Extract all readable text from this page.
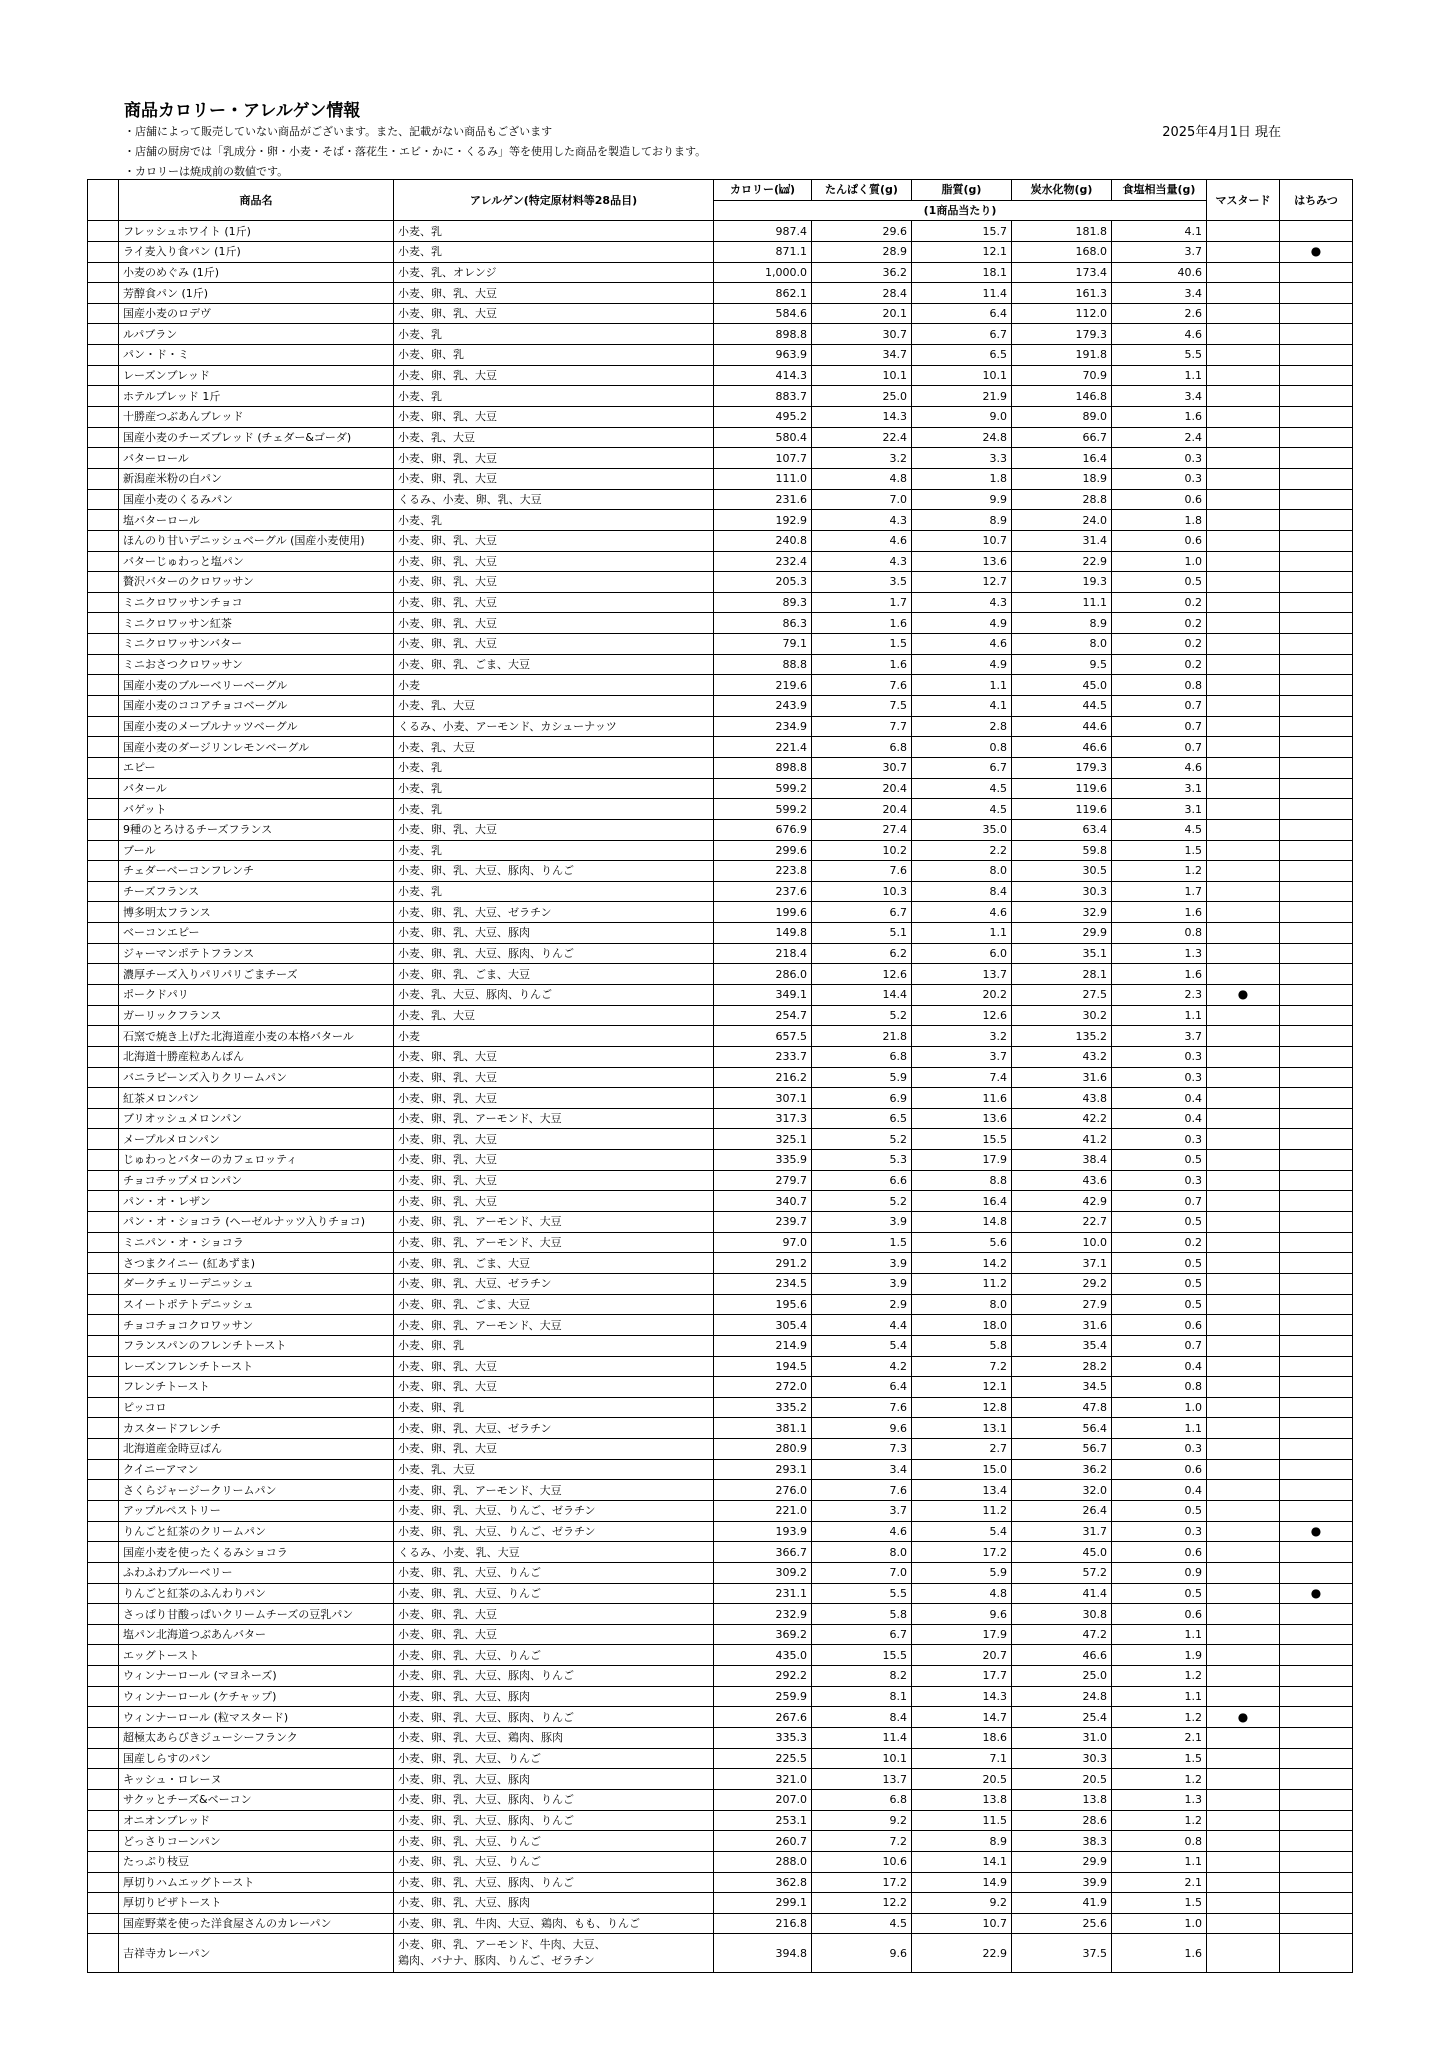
商品カロリー・アレルゲン情報
・店舗によって販売していない商品がございます。また、記載がない商品もございます
・店舗の厨房では「乳成分・卵・小麦・そば・落花生・エビ・かに・くるみ」等を使用した商品を製造しております。
・カロリーは焼成前の数値です。
2025年4月1日 現在
	商品名	アレルゲン(特定原材料等28品目)	カロリー(㎉)	たんぱく質(g)	脂質(g)	炭水化物(g)	食塩相当量(g)	マスタード	はちみつ
			(1商品当たり)						
	フレッシュホワイト (1斤)	小麦、乳	987.4	29.6	15.7	181.8	4.1		
	ライ麦入り食パン (1斤)	小麦、乳	871.1	28.9	12.1	168.0	3.7		●
	小麦のめぐみ (1斤)	小麦、乳、オレンジ	1,000.0	36.2	18.1	173.4	40.6		
	芳醇食パン (1斤)	小麦、卵、乳、大豆	862.1	28.4	11.4	161.3	3.4		
	国産小麦のロデヴ	小麦、卵、乳、大豆	584.6	20.1	6.4	112.0	2.6		
	ルパブラン	小麦、乳	898.8	30.7	6.7	179.3	4.6		
	パン・ド・ミ	小麦、卵、乳	963.9	34.7	6.5	191.8	5.5		
	レーズンブレッド	小麦、卵、乳、大豆	414.3	10.1	10.1	70.9	1.1		
	ホテルブレッド 1斤	小麦、乳	883.7	25.0	21.9	146.8	3.4		
	十勝産つぶあんブレッド	小麦、卵、乳、大豆	495.2	14.3	9.0	89.0	1.6		
	国産小麦のチーズブレッド (チェダー&ゴーダ)	小麦、乳、大豆	580.4	22.4	24.8	66.7	2.4		
	バターロール	小麦、卵、乳、大豆	107.7	3.2	3.3	16.4	0.3		
	新潟産米粉の白パン	小麦、卵、乳、大豆	111.0	4.8	1.8	18.9	0.3		
	国産小麦のくるみパン	くるみ、小麦、卵、乳、大豆	231.6	7.0	9.9	28.8	0.6		
	塩バターロール	小麦、乳	192.9	4.3	8.9	24.0	1.8		
	ほんのり甘いデニッシュベーグル (国産小麦使用)	小麦、卵、乳、大豆	240.8	4.6	10.7	31.4	0.6		
	バターじゅわっと塩パン	小麦、卵、乳、大豆	232.4	4.3	13.6	22.9	1.0		
	贅沢バターのクロワッサン	小麦、卵、乳、大豆	205.3	3.5	12.7	19.3	0.5		
	ミニクロワッサンチョコ	小麦、卵、乳、大豆	89.3	1.7	4.3	11.1	0.2		
	ミニクロワッサン紅茶	小麦、卵、乳、大豆	86.3	1.6	4.9	8.9	0.2		
	ミニクロワッサンバター	小麦、卵、乳、大豆	79.1	1.5	4.6	8.0	0.2		
	ミニおさつクロワッサン	小麦、卵、乳、ごま、大豆	88.8	1.6	4.9	9.5	0.2		
	国産小麦のブルーベリーベーグル	小麦	219.6	7.6	1.1	45.0	0.8		
	国産小麦のココアチョコベーグル	小麦、乳、大豆	243.9	7.5	4.1	44.5	0.7		
	国産小麦のメープルナッツベーグル	くるみ、小麦、アーモンド、カシューナッツ	234.9	7.7	2.8	44.6	0.7		
	国産小麦のダージリンレモンベーグル	小麦、乳、大豆	221.4	6.8	0.8	46.6	0.7		
	エピー	小麦、乳	898.8	30.7	6.7	179.3	4.6		
	バタール	小麦、乳	599.2	20.4	4.5	119.6	3.1		
	バゲット	小麦、乳	599.2	20.4	4.5	119.6	3.1		
	9種のとろけるチーズフランス	小麦、卵、乳、大豆	676.9	27.4	35.0	63.4	4.5		
	ブール	小麦、乳	299.6	10.2	2.2	59.8	1.5		
	チェダーベーコンフレンチ	小麦、卵、乳、大豆、豚肉、りんご	223.8	7.6	8.0	30.5	1.2		
	チーズフランス	小麦、乳	237.6	10.3	8.4	30.3	1.7		
	博多明太フランス	小麦、卵、乳、大豆、ゼラチン	199.6	6.7	4.6	32.9	1.6		
	ベーコンエピー	小麦、卵、乳、大豆、豚肉	149.8	5.1	1.1	29.9	0.8		
	ジャーマンポテトフランス	小麦、卵、乳、大豆、豚肉、りんご	218.4	6.2	6.0	35.1	1.3		
	濃厚チーズ入りパリパリごまチーズ	小麦、卵、乳、ごま、大豆	286.0	12.6	13.7	28.1	1.6		
	ポークドパリ	小麦、乳、大豆、豚肉、りんご	349.1	14.4	20.2	27.5	2.3	●	
	ガーリックフランス	小麦、乳、大豆	254.7	5.2	12.6	30.2	1.1		
	石窯で焼き上げた北海道産小麦の本格バタール	小麦	657.5	21.8	3.2	135.2	3.7		
	北海道十勝産粒あんぱん	小麦、卵、乳、大豆	233.7	6.8	3.7	43.2	0.3		
	バニラビーンズ入りクリームパン	小麦、卵、乳、大豆	216.2	5.9	7.4	31.6	0.3		
	紅茶メロンパン	小麦、卵、乳、大豆	307.1	6.9	11.6	43.8	0.4		
	ブリオッシュメロンパン	小麦、卵、乳、アーモンド、大豆	317.3	6.5	13.6	42.2	0.4		
	メープルメロンパン	小麦、卵、乳、大豆	325.1	5.2	15.5	41.2	0.3		
	じゅわっとバターのカフェロッティ	小麦、卵、乳、大豆	335.9	5.3	17.9	38.4	0.5		
	チョコチップメロンパン	小麦、卵、乳、大豆	279.7	6.6	8.8	43.6	0.3		
	パン・オ・レザン	小麦、卵、乳、大豆	340.7	5.2	16.4	42.9	0.7		
	パン・オ・ショコラ (ヘーゼルナッツ入りチョコ)	小麦、卵、乳、アーモンド、大豆	239.7	3.9	14.8	22.7	0.5		
	ミニパン・オ・ショコラ	小麦、卵、乳、アーモンド、大豆	97.0	1.5	5.6	10.0	0.2		
	さつまクイニー (紅あずま)	小麦、卵、乳、ごま、大豆	291.2	3.9	14.2	37.1	0.5		
	ダークチェリーデニッシュ	小麦、卵、乳、大豆、ゼラチン	234.5	3.9	11.2	29.2	0.5		
	スイートポテトデニッシュ	小麦、卵、乳、ごま、大豆	195.6	2.9	8.0	27.9	0.5		
	チョコチョコクロワッサン	小麦、卵、乳、アーモンド、大豆	305.4	4.4	18.0	31.6	0.6		
	フランスパンのフレンチトースト	小麦、卵、乳	214.9	5.4	5.8	35.4	0.7		
	レーズンフレンチトースト	小麦、卵、乳、大豆	194.5	4.2	7.2	28.2	0.4		
	フレンチトースト	小麦、卵、乳、大豆	272.0	6.4	12.1	34.5	0.8		
	ピッコロ	小麦、卵、乳	335.2	7.6	12.8	47.8	1.0		
	カスタードフレンチ	小麦、卵、乳、大豆、ゼラチン	381.1	9.6	13.1	56.4	1.1		
	北海道産金時豆ぱん	小麦、卵、乳、大豆	280.9	7.3	2.7	56.7	0.3		
	クイニーアマン	小麦、乳、大豆	293.1	3.4	15.0	36.2	0.6		
	さくらジャージークリームパン	小麦、卵、乳、アーモンド、大豆	276.0	7.6	13.4	32.0	0.4		
	アップルペストリー	小麦、卵、乳、大豆、りんご、ゼラチン	221.0	3.7	11.2	26.4	0.5		
	りんごと紅茶のクリームパン	小麦、卵、乳、大豆、りんご、ゼラチン	193.9	4.6	5.4	31.7	0.3		●
	国産小麦を使ったくるみショコラ	くるみ、小麦、乳、大豆	366.7	8.0	17.2	45.0	0.6		
	ふわふわブルーベリー	小麦、卵、乳、大豆、りんご	309.2	7.0	5.9	57.2	0.9		
	りんごと紅茶のふんわりパン	小麦、卵、乳、大豆、りんご	231.1	5.5	4.8	41.4	0.5		●
	さっぱり甘酸っぱいクリームチーズの豆乳パン	小麦、卵、乳、大豆	232.9	5.8	9.6	30.8	0.6		
	塩パン北海道つぶあんバター	小麦、卵、乳、大豆	369.2	6.7	17.9	47.2	1.1		
	エッグトースト	小麦、卵、乳、大豆、りんご	435.0	15.5	20.7	46.6	1.9		
	ウィンナーロール (マヨネーズ)	小麦、卵、乳、大豆、豚肉、りんご	292.2	8.2	17.7	25.0	1.2		
	ウィンナーロール (ケチャップ)	小麦、卵、乳、大豆、豚肉	259.9	8.1	14.3	24.8	1.1		
	ウィンナーロール (粒マスタード)	小麦、卵、乳、大豆、豚肉、りんご	267.6	8.4	14.7	25.4	1.2	●	
	超極太あらびきジューシーフランク	小麦、卵、乳、大豆、鶏肉、豚肉	335.3	11.4	18.6	31.0	2.1		
	国産しらすのパン	小麦、卵、乳、大豆、りんご	225.5	10.1	7.1	30.3	1.5		
	キッシュ・ロレーヌ	小麦、卵、乳、大豆、豚肉	321.0	13.7	20.5	20.5	1.2		
	サクッとチーズ&ベーコン	小麦、卵、乳、大豆、豚肉、りんご	207.0	6.8	13.8	13.8	1.3		
	オニオンブレッド	小麦、卵、乳、大豆、豚肉、りんご	253.1	9.2	11.5	28.6	1.2		
	どっさりコーンパン	小麦、卵、乳、大豆、りんご	260.7	7.2	8.9	38.3	0.8		
	たっぷり枝豆	小麦、卵、乳、大豆、りんご	288.0	10.6	14.1	29.9	1.1		
	厚切りハムエッグトースト	小麦、卵、乳、大豆、豚肉、りんご	362.8	17.2	14.9	39.9	2.1		
	厚切りピザトースト	小麦、卵、乳、大豆、豚肉	299.1	12.2	9.2	41.9	1.5		
	国産野菜を使った洋食屋さんのカレーパン	小麦、卵、乳、牛肉、大豆、鶏肉、もも、りんご	216.8	4.5	10.7	25.6	1.0		
	吉祥寺カレーパン	小麦、卵、乳、アーモンド、牛肉、大豆、
鶏肉、バナナ、豚肉、りんご、ゼラチン	394.8	9.6	22.9	37.5	1.6		
